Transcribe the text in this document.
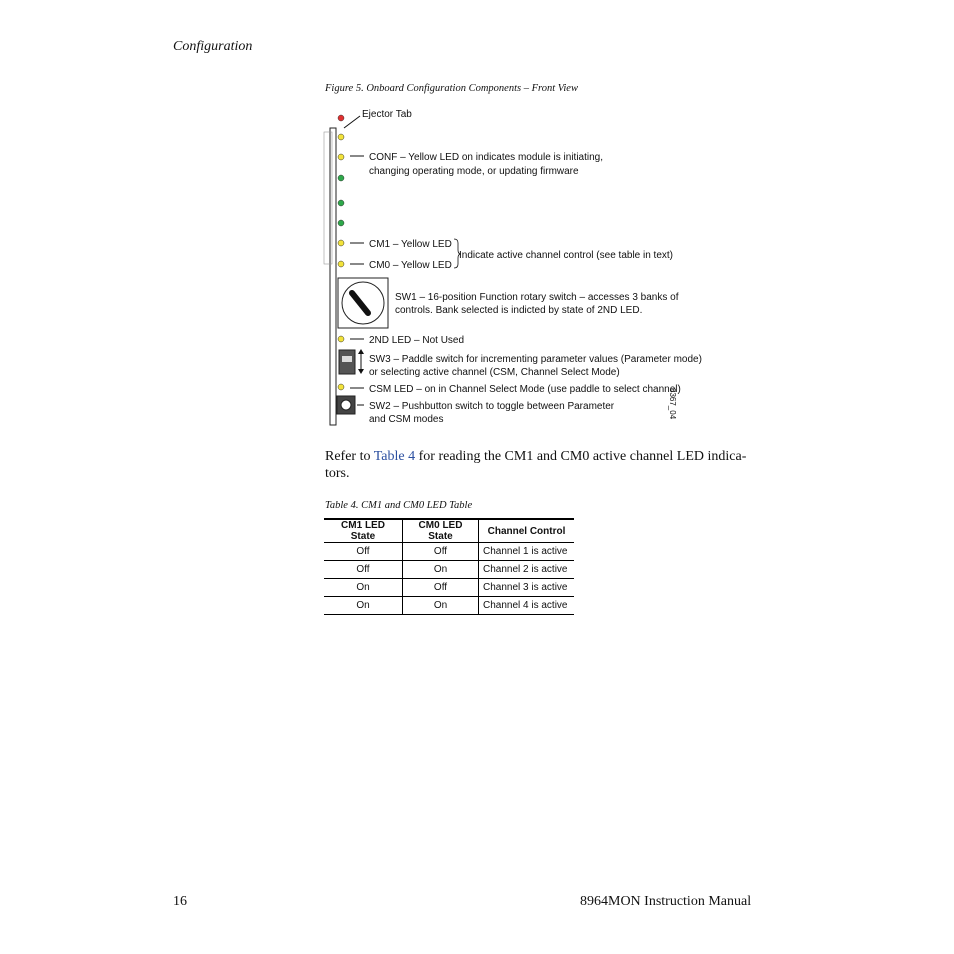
Configuration
Figure 5. Onboard Configuration Components – Front View
Ejector Tab
CONF – Yellow LED on indicates module is initiating,
changing operating mode, or updating firmware
CM1 – Yellow LED
CM0 – Yellow LED
Indicate active channel control (see table in text)
SW1 – 16-position Function rotary switch – accesses 3 banks of
controls. Bank selected is indicted by state of 2ND LED.
2ND LED – Not Used
SW3 – Paddle switch for incrementing parameter values (Parameter mode)
or selecting active channel (CSM, Channel Select Mode)
CSM LED – on in Channel Select Mode (use paddle to select channel)
SW2 – Pushbutton switch to toggle between Parameter
and CSM modes
8367_04
Refer to Table 4 for reading the CM1 and CM0 active channel LED indica-tors.
Table 4. CM1 and CM0 LED Table
CM1 LED State	CM0 LED State	Channel Control
Off	Off	Channel 1 is active
Off	On	Channel 2 is active
On	Off	Channel 3 is active
On	On	Channel 4 is active
16	8964MON Instruction Manual
